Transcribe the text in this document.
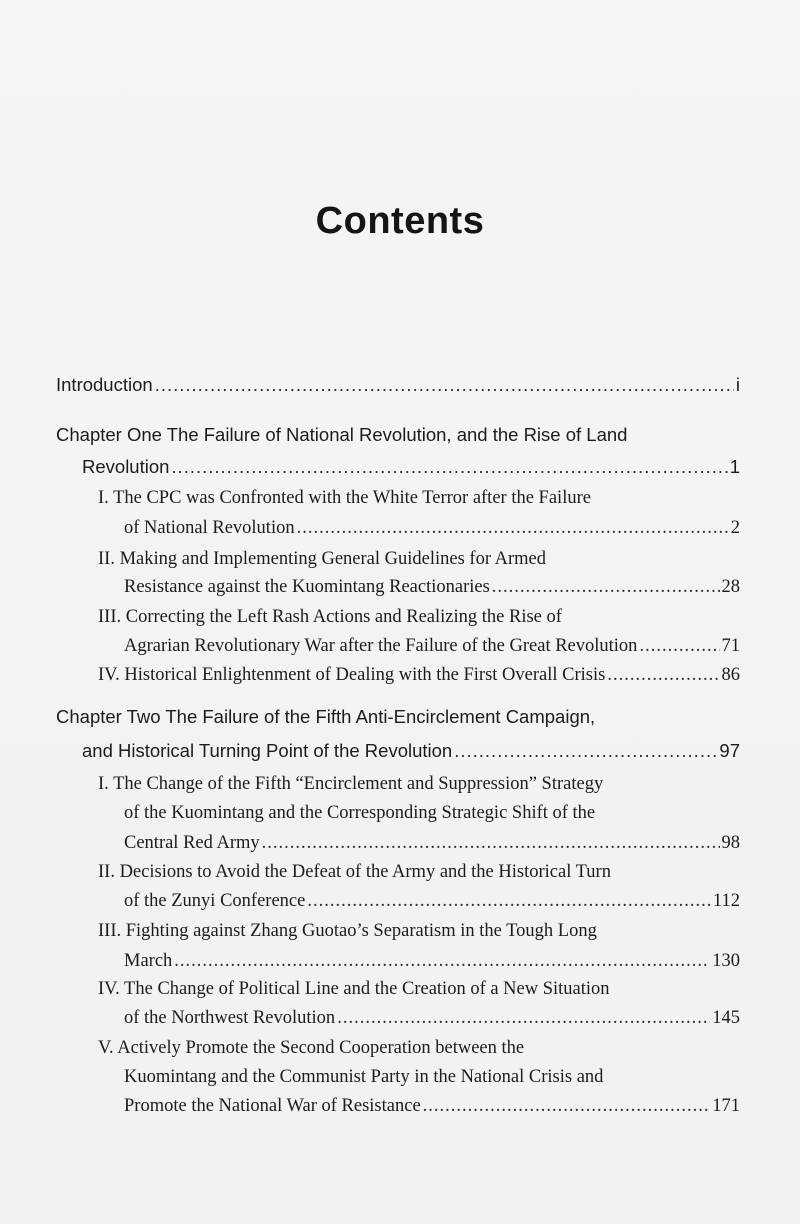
Contents
Introduction .....	i
Chapter One The Failure of National Revolution, and the Rise of Land
Revolution .....	1
I. The CPC was Confronted with the White Terror after the Failure
of National Revolution .....	2
II. Making and Implementing General Guidelines for Armed
Resistance against the Kuomintang Reactionaries .....	28
III. Correcting the Left Rash Actions and Realizing the Rise of
Agrarian Revolutionary War after the Failure of the Great Revolution .....	71
IV. Historical Enlightenment of Dealing with the First Overall Crisis .....	86
Chapter Two The Failure of the Fifth Anti-Encirclement Campaign,
and Historical Turning Point of the Revolution .....	97
I. The Change of the Fifth “Encirclement and Suppression” Strategy
of the Kuomintang and the Corresponding Strategic Shift of the
Central Red Army .....	98
II. Decisions to Avoid the Defeat of the Army and the Historical Turn
of the Zunyi Conference .....	112
III. Fighting against Zhang Guotao’s Separatism in the Tough Long
March .....	130
IV. The Change of Political Line and the Creation of a New Situation
of the Northwest Revolution .....	145
V. Actively Promote the Second Cooperation between the
Kuomintang and the Communist Party in the National Crisis and
Promote the National War of Resistance .....	171
